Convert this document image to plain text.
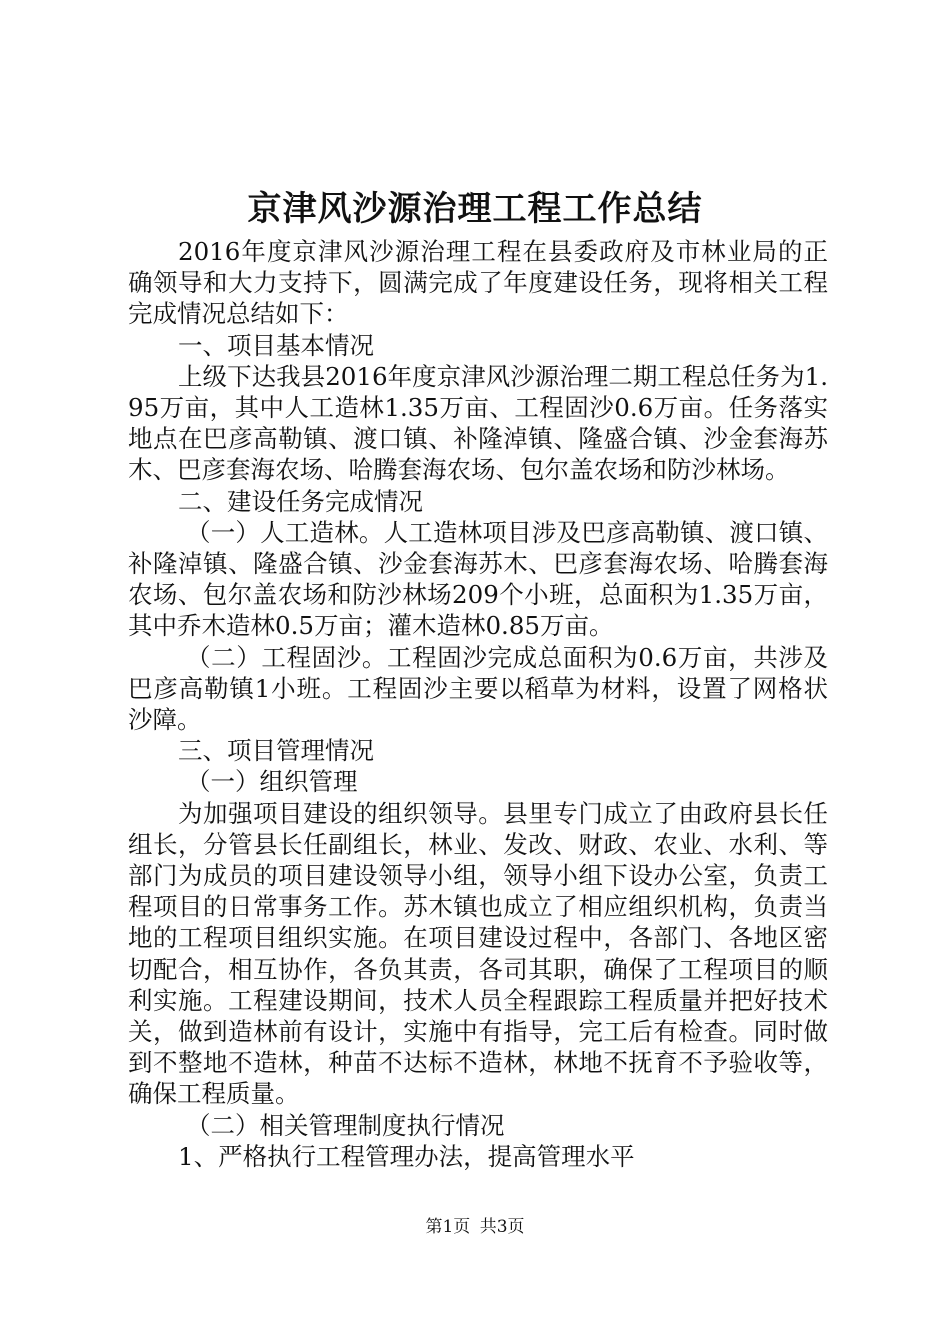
京津风沙源治理工程工作总结

2016年度京津风沙源治理工程在县委政府及市林业局的正确领导和大力支持下，圆满完成了年度建设任务，现将相关工程完成情况总结如下：

一、项目基本情况

上级下达我县2016年度京津风沙源治理二期工程总任务为1.95万亩，其中人工造林1.35万亩、工程固沙0.6万亩。任务落实地点在巴彦高勒镇、渡口镇、补隆淖镇、隆盛合镇、沙金套海苏木、巴彦套海农场、哈腾套海农场、包尔盖农场和防沙林场。

二、建设任务完成情况

（一）人工造林。人工造林项目涉及巴彦高勒镇、渡口镇、补隆淖镇、隆盛合镇、沙金套海苏木、巴彦套海农场、哈腾套海农场、包尔盖农场和防沙林场209个小班，总面积为1.35万亩，其中乔木造林0.5万亩；灌木造林0.85万亩。

（二）工程固沙。工程固沙完成总面积为0.6万亩，共涉及巴彦高勒镇1小班。工程固沙主要以稻草为材料，设置了网格状沙障。

三、项目管理情况

（一）组织管理

为加强项目建设的组织领导。县里专门成立了由政府县长任组长，分管县长任副组长，林业、发改、财政、农业、水利、等部门为成员的项目建设领导小组，领导小组下设办公室，负责工程项目的日常事务工作。苏木镇也成立了相应组织机构，负责当地的工程项目组织实施。在项目建设过程中，各部门、各地区密切配合，相互协作，各负其责，各司其职，确保了工程项目的顺利实施。工程建设期间，技术人员全程跟踪工程质量并把好技术关，做到造林前有设计，实施中有指导，完工后有检查。同时做到不整地不造林，种苗不达标不造林，林地不抚育不予验收等，确保工程质量。

（二）相关管理制度执行情况

1、严格执行工程管理办法，提高管理水平

第1页 共3页
